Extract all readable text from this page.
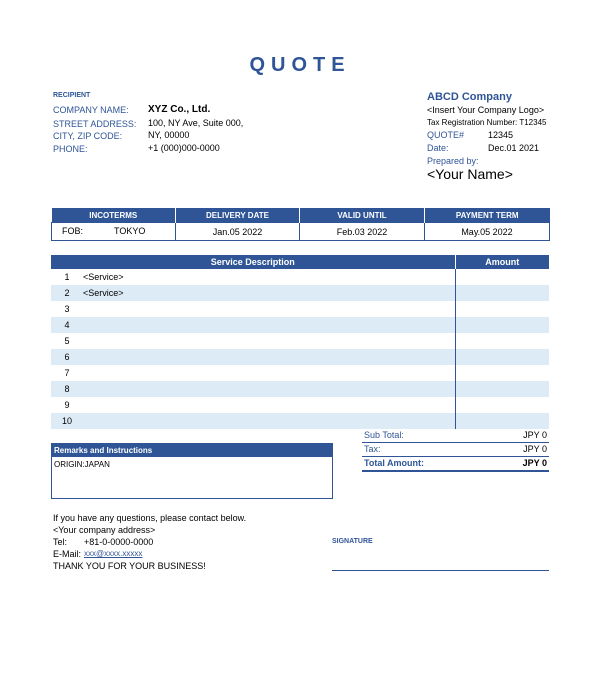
QUOTE
RECIPIENT
COMPANY NAME: XYZ Co., Ltd.
STREET ADDRESS: 100, NY Ave, Suite 000,
CITY, ZIP CODE:	NY, 00000
PHONE:	+1 (000)000-0000
ABCD Company
<Insert Your Company Logo>
Tax Registration Number: T12345
QUOTE#	12345
Date:	Dec.01 2021
Prepared by:
<Your Name>
INCOTERMS	DELIVERY DATE	VALID UNTIL	PAYMENT TERM

FOB: TOKYO	Jan.05 2022	Feb.03 2022	May.05 2022
Service Description		Amount
1	<Service>	
2	<Service>	
3		
4		
5		
6		
7		
8		
9		
10		
Sub Total:	JPY 0
Tax:	JPY 0
Total Amount:	JPY 0
Remarks and Instructions
ORIGIN:JAPAN
If you have any questions, please contact below.
<Your company address>
Tel: +81-0-0000-0000
E-Mail: xxx@xxxx.xxxxx
THANK YOU FOR YOUR BUSINESS!
SIGNATURE
